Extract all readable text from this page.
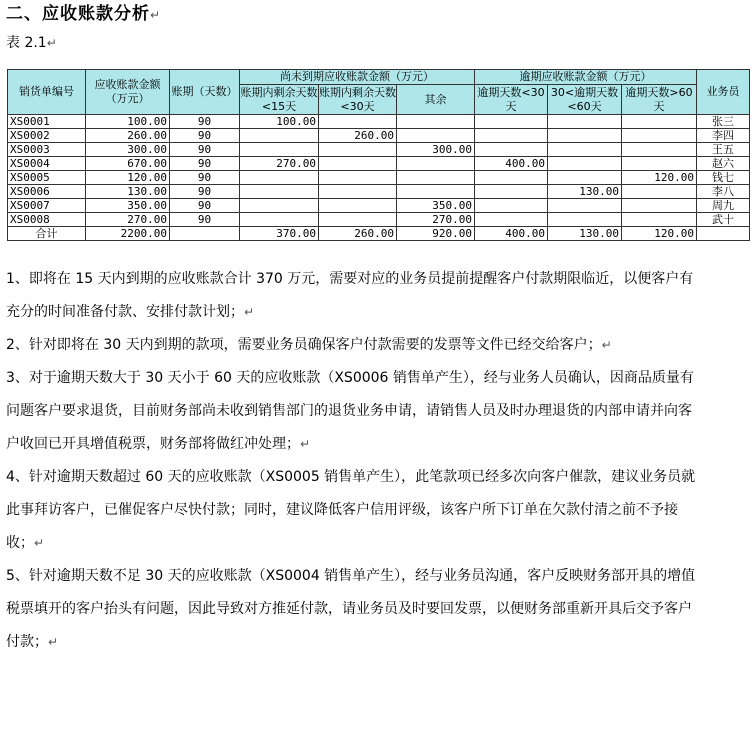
二、应收账款分析↵
表 2.1↵
销货单编号	应收账款金额（万元）	账期（天数）	尚未到期应收账款金额（万元）			逾期应收账款金额（万元）			业务员
			账期内剩余天数<15天	账期内剩余天数<30天	其余	逾期天数<30天	30<逾期天数<60天	逾期天数>60天	
XS0001	100.00	90	100.00						张三
XS0002	260.00	90		260.00					李四
XS0003	300.00	90			300.00				王五
XS0004	670.00	90	270.00			400.00			赵六
XS0005	120.00	90						120.00	钱七
XS0006	130.00	90					130.00		李八
XS0007	350.00	90			350.00				周九
XS0008	270.00	90			270.00				武十
合计	2200.00		370.00	260.00	920.00	400.00	130.00	120.00	

1、即将在 15 天内到期的应收账款合计 370 万元，需要对应的业务员提前提醒客户付款期限临近，以便客户有充分的时间准备付款、安排付款计划；↵

2、针对即将在 30 天内到期的款项，需要业务员确保客户付款需要的发票等文件已经交给客户；↵

3、对于逾期天数大于 30 天小于 60 天的应收账款（XS0006 销售单产生），经与业务人员确认，因商品质量有问题客户要求退货，目前财务部尚未收到销售部门的退货业务申请，请销售人员及时办理退货的内部申请并向客户收回已开具增值税票，财务部将做红冲处理；↵

4、针对逾期天数超过 60 天的应收账款（XS0005 销售单产生），此笔款项已经多次向客户催款，建议业务员就此事拜访客户，已催促客户尽快付款；同时，建议降低客户信用评级，该客户所下订单在欠款付清之前不予接收；↵

5、针对逾期天数不足 30 天的应收账款（XS0004 销售单产生），经与业务员沟通，客户反映财务部开具的增值税票填开的客户抬头有问题，因此导致对方推延付款，请业务员及时要回发票，以便财务部重新开具后交予客户付款；↵
